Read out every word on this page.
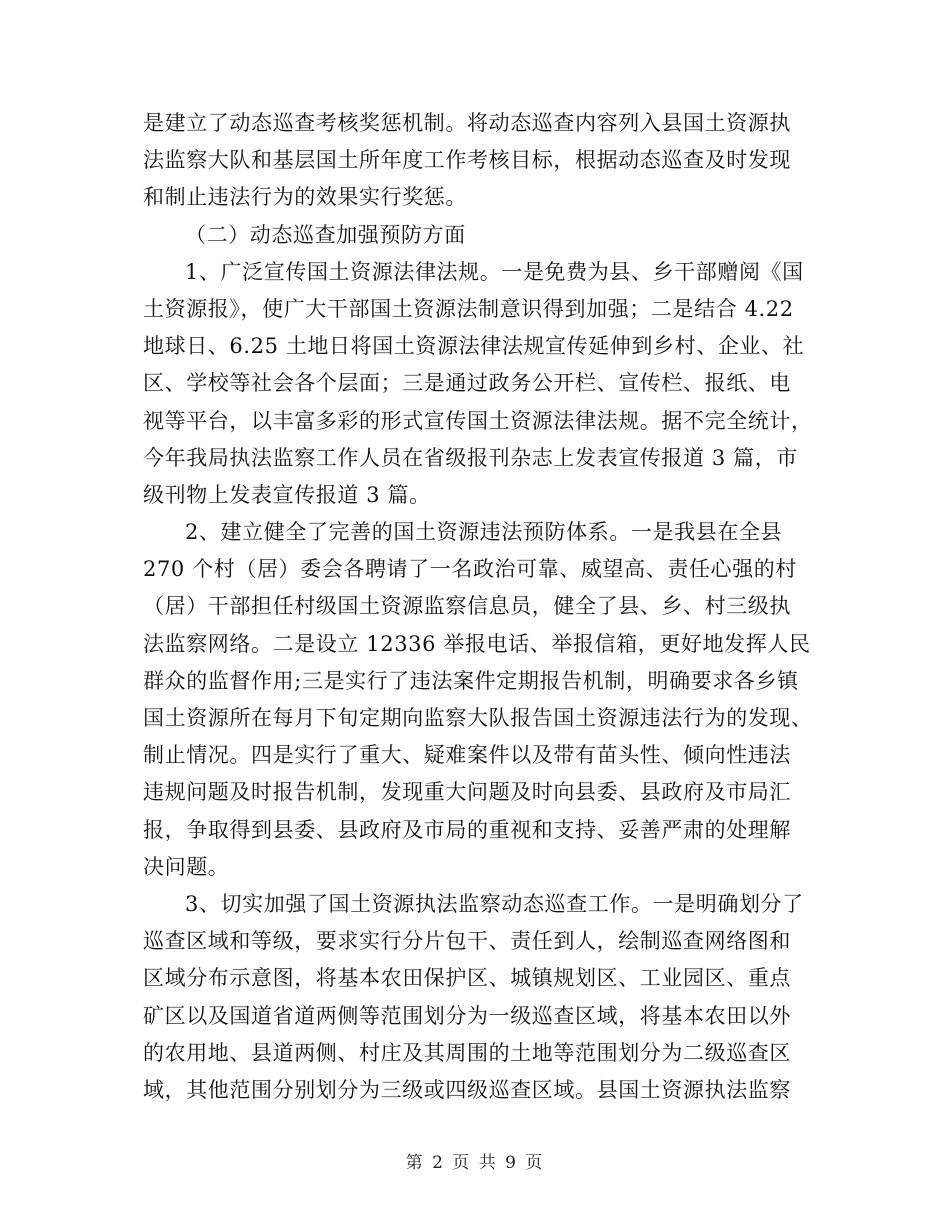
是建立了动态巡查考核奖惩机制。将动态巡查内容列入县国土资源执
法监察大队和基层国土所年度工作考核目标，根据动态巡查及时发现
和制止违法行为的效果实行奖惩。
（二）动态巡查加强预防方面
1、广泛宣传国土资源法律法规。一是免费为县、乡干部赠阅《国
土资源报》，使广大干部国土资源法制意识得到加强；二是结合 4.22
地球日、6.25 土地日将国土资源法律法规宣传延伸到乡村、企业、社
区、学校等社会各个层面；三是通过政务公开栏、宣传栏、报纸、电
视等平台，以丰富多彩的形式宣传国土资源法律法规。据不完全统计，
今年我局执法监察工作人员在省级报刊杂志上发表宣传报道 3 篇，市
级刊物上发表宣传报道 3 篇。
2、建立健全了完善的国土资源违法预防体系。一是我县在全县
270 个村（居）委会各聘请了一名政治可靠、威望高、责任心强的村
（居）干部担任村级国土资源监察信息员，健全了县、乡、村三级执
法监察网络。二是设立 12336 举报电话、举报信箱，更好地发挥人民
群众的监督作用;三是实行了违法案件定期报告机制，明确要求各乡镇
国土资源所在每月下旬定期向监察大队报告国土资源违法行为的发现、
制止情况。四是实行了重大、疑难案件以及带有苗头性、倾向性违法
违规问题及时报告机制，发现重大问题及时向县委、县政府及市局汇
报，争取得到县委、县政府及市局的重视和支持、妥善严肃的处理解
决问题。
3、切实加强了国土资源执法监察动态巡查工作。一是明确划分了
巡查区域和等级，要求实行分片包干、责任到人，绘制巡查网络图和
区域分布示意图，将基本农田保护区、城镇规划区、工业园区、重点
矿区以及国道省道两侧等范围划分为一级巡查区域，将基本农田以外
的农用地、县道两侧、村庄及其周围的土地等范围划分为二级巡查区
域，其他范围分别划分为三级或四级巡查区域。县国土资源执法监察
第 2 页 共 9 页
